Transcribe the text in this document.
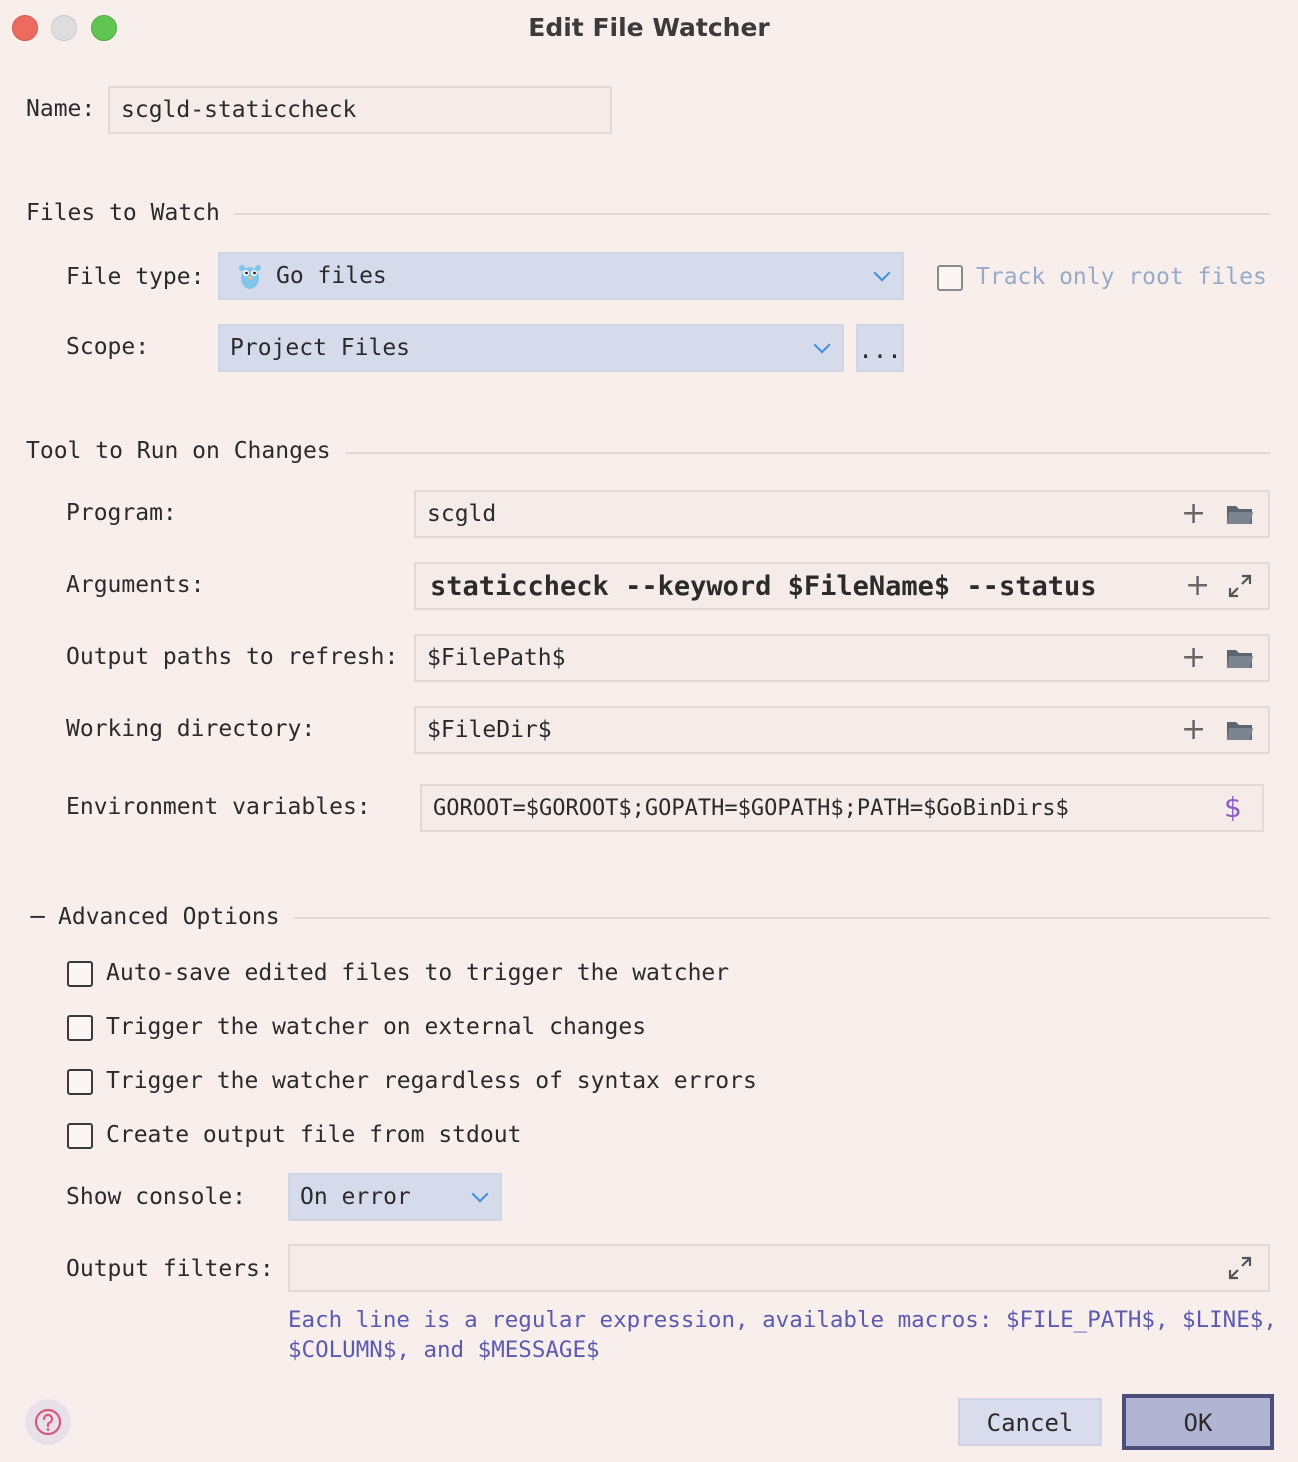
Edit File Watcher
Name: scgld-staticcheck
Files to Watch
File type:	Go files	Track only root files
Scope:	Project Files	...
Tool to Run on Changes
Program:	scgld	+
Arguments:	staticcheck --keyword $FileName$ --status	+
Output paths to refresh: $FilePath$	+
Working directory:	$FileDir$	+
Environment variables:	GOROOT=$GOROOT$;GOPATH=$GOPATH$;PATH=$GoBinDirs$	$
− Advanced Options
Auto-save edited files to trigger the watcher
Trigger the watcher on external changes
Trigger the watcher regardless of syntax errors
Create output file from stdout
Show console: On error
Output filters:
Each line is a regular expression, available macros: $FILE_PATH$, $LINE$,
$COLUMN$, and $MESSAGE$
Cancel	OK
